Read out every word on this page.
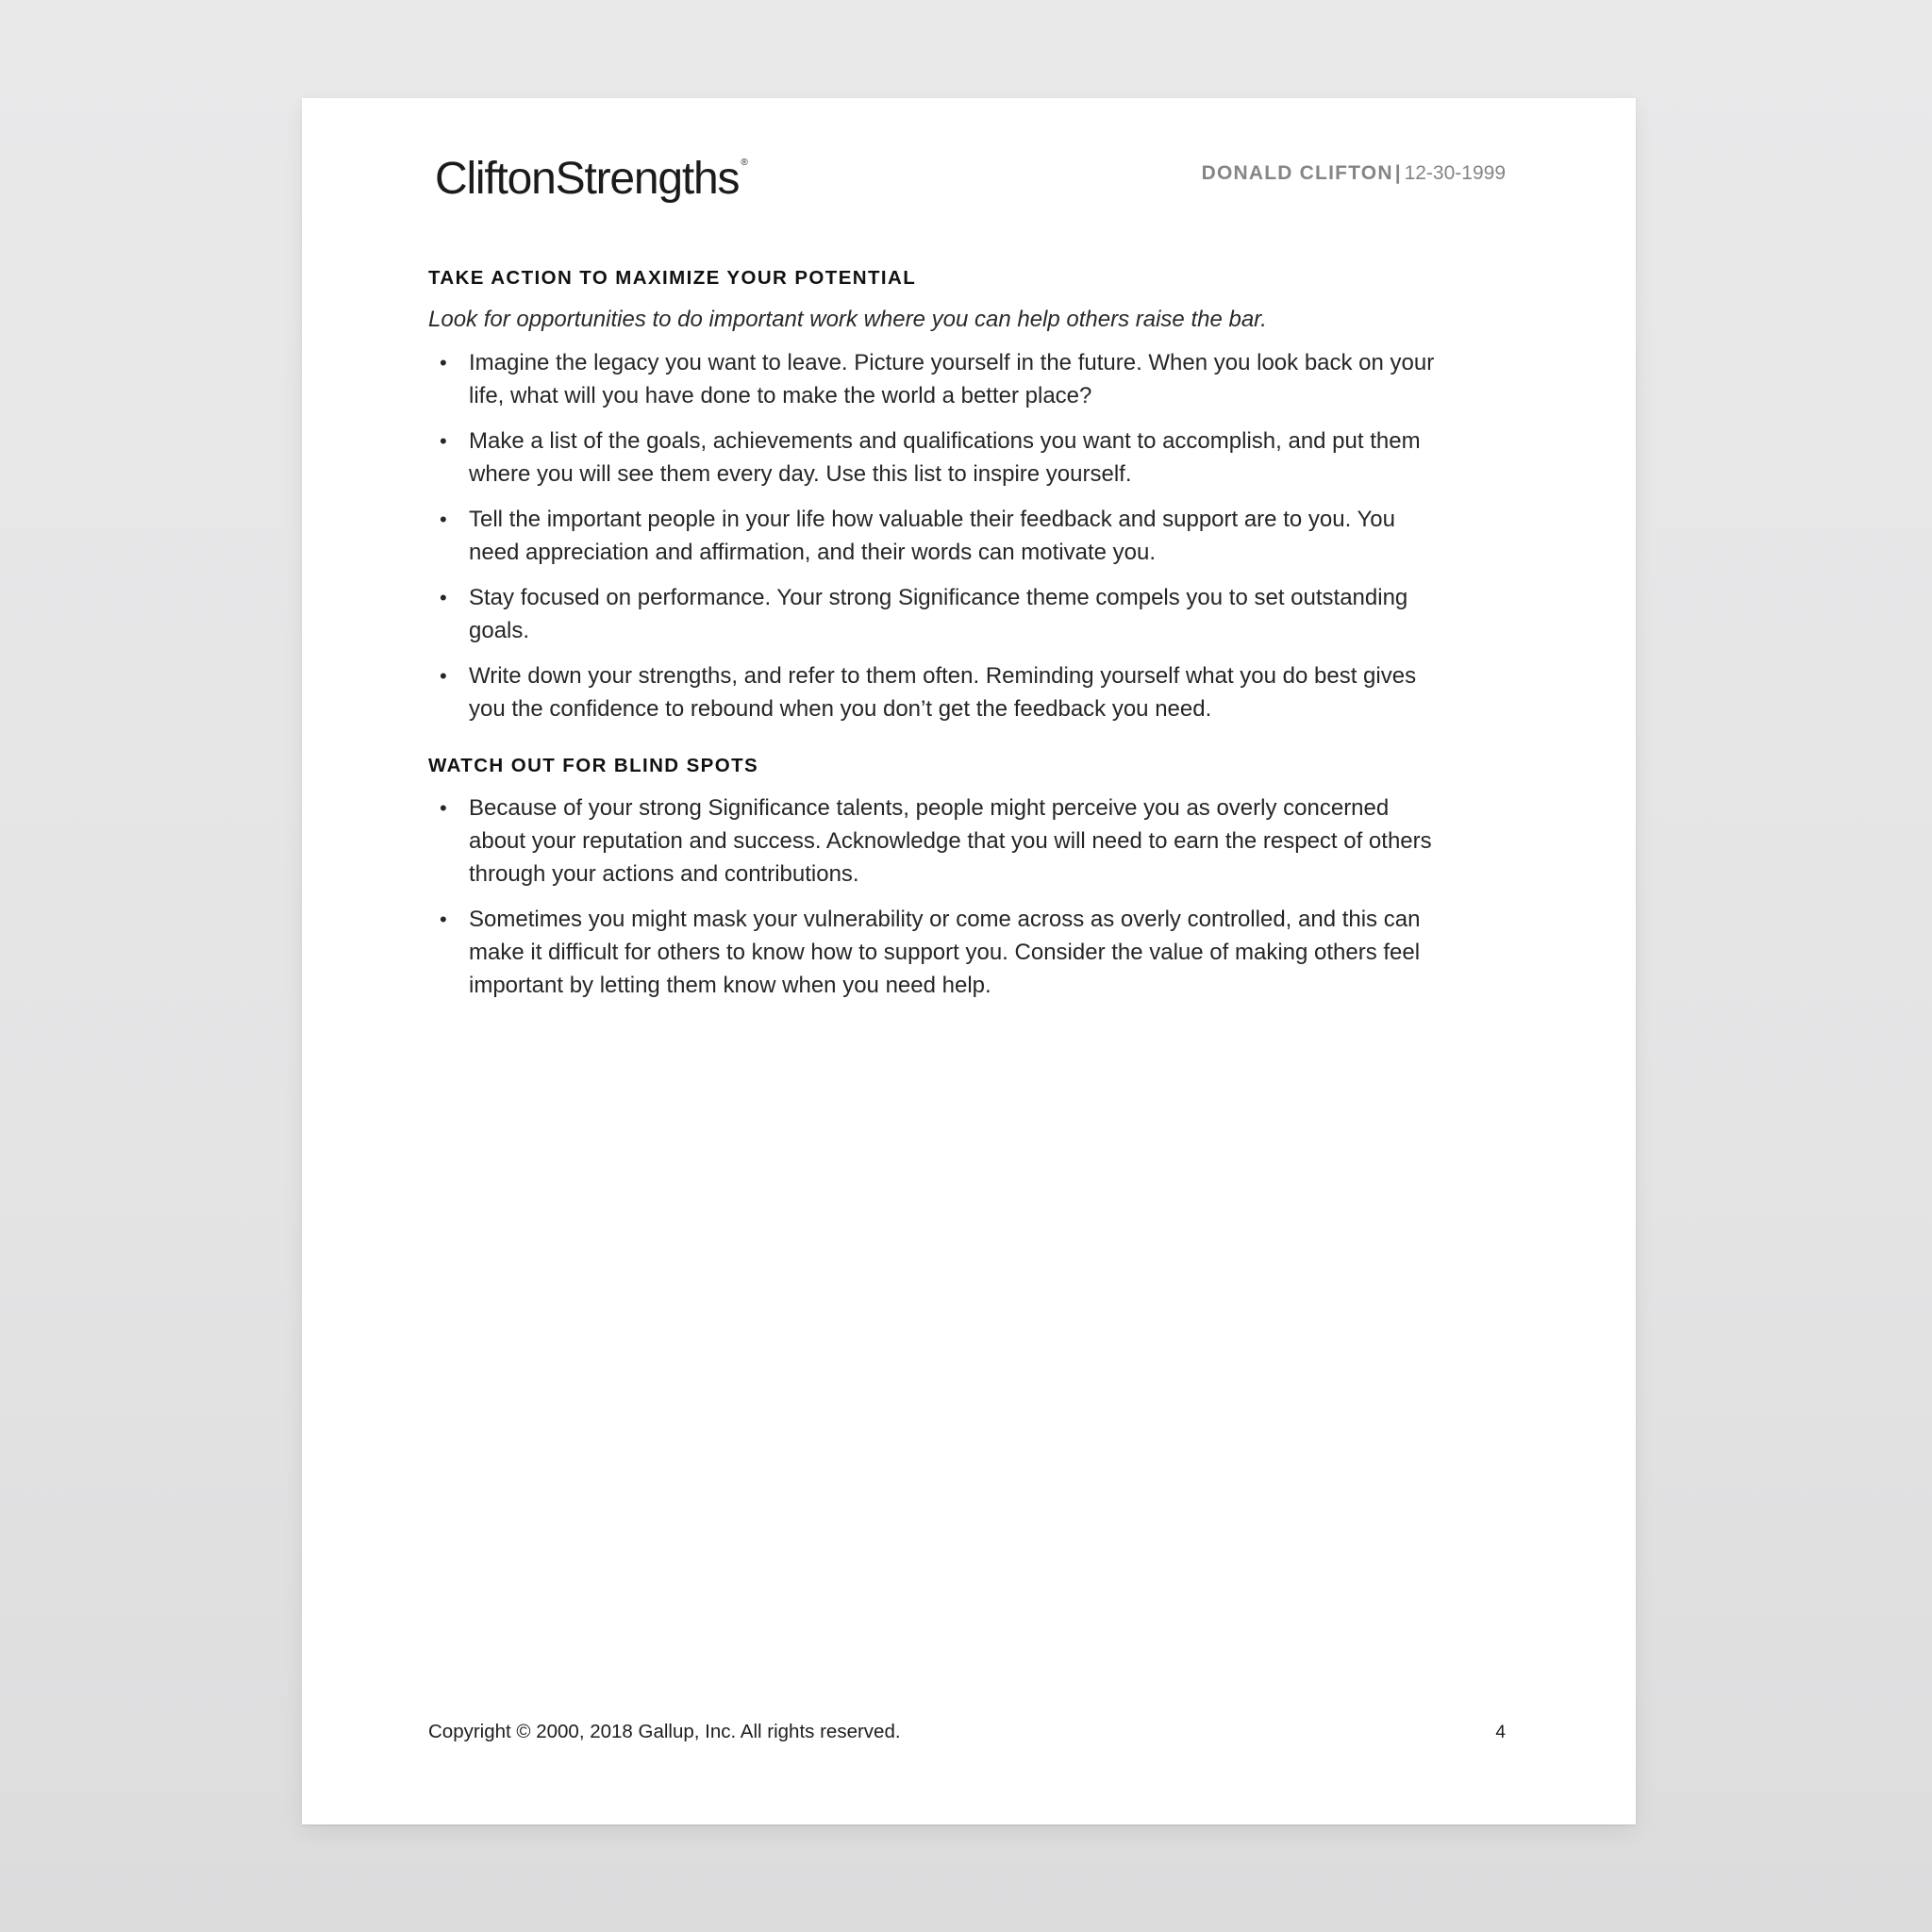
CliftonStrengths ®	DONALD CLIFTON| 12-30-1999
TAKE ACTION TO MAXIMIZE YOUR POTENTIAL

Look for opportunities to do important work where you can help others raise the bar.

• Imagine the legacy you want to leave. Picture yourself in the future. When you look back on your life, what will you have done to make the world a better place?
• Make a list of the goals, achievements and qualifications you want to accomplish, and put them where you will see them every day. Use this list to inspire yourself.
• Tell the important people in your life how valuable their feedback and support are to you. You need appreciation and affirmation, and their words can motivate you.
• Stay focused on performance. Your strong Significance theme compels you to set outstanding goals.
• Write down your strengths, and refer to them often. Reminding yourself what you do best gives you the confidence to rebound when you don’t get the feedback you need.
WATCH OUT FOR BLIND SPOTS
• Because of your strong Significance talents, people might perceive you as overly concerned about your reputation and success. Acknowledge that you will need to earn the respect of others through your actions and contributions.
• Sometimes you might mask your vulnerability or come across as overly controlled, and this can make it difficult for others to know how to support you. Consider the value of making others feel important by letting them know when you need help.
Copyright © 2000, 2018 Gallup, Inc. All rights reserved.	4
